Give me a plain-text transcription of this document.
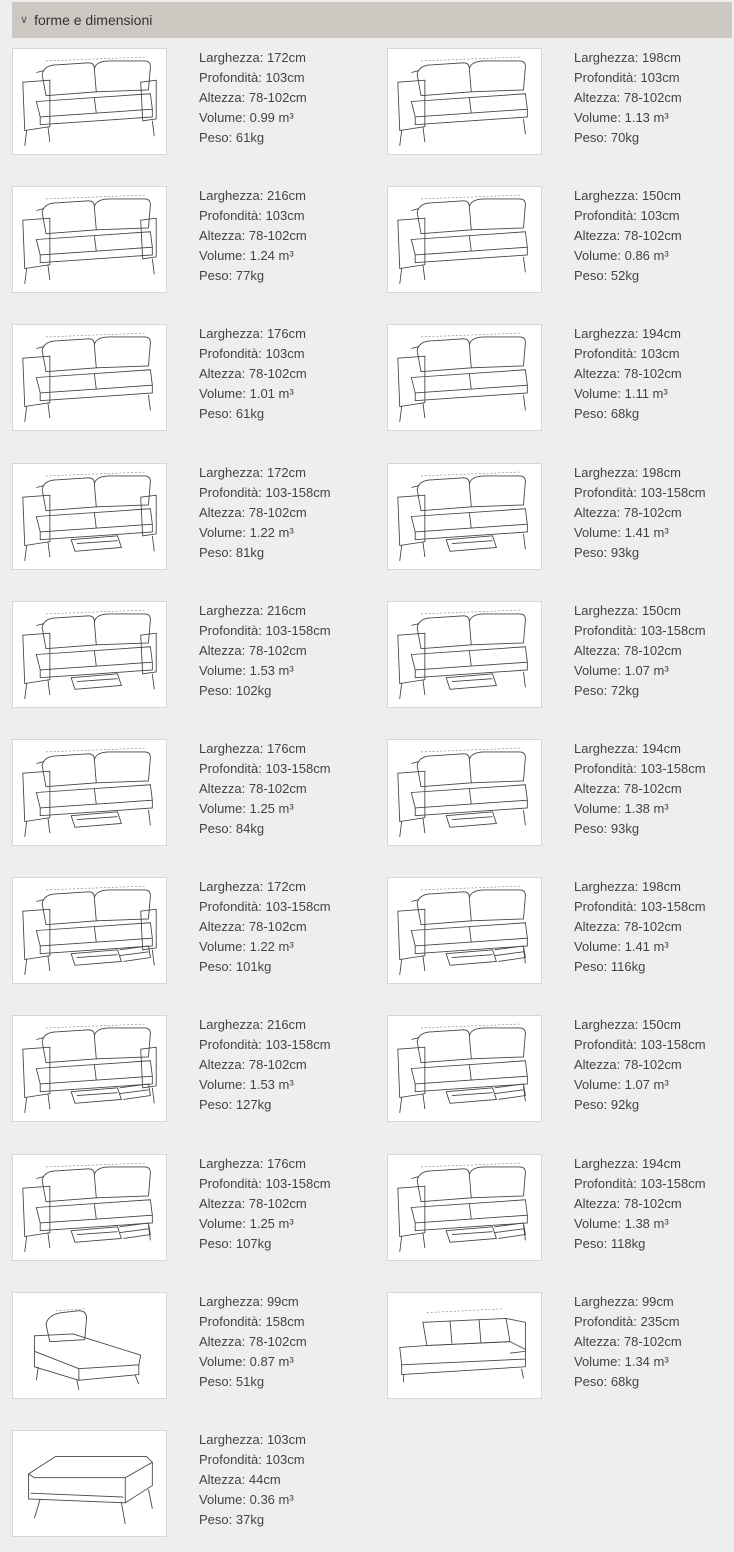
∨ forme e dimensioni
Larghezza: 172cm
Profondità: 103cm
Altezza: 78-102cm
Volume: 0.99 m³
Peso: 61kg
Larghezza: 198cm
Profondità: 103cm
Altezza: 78-102cm
Volume: 1.13 m³
Peso: 70kg
Larghezza: 216cm
Profondità: 103cm
Altezza: 78-102cm
Volume: 1.24 m³
Peso: 77kg
Larghezza: 150cm
Profondità: 103cm
Altezza: 78-102cm
Volume: 0.86 m³
Peso: 52kg
Larghezza: 176cm
Profondità: 103cm
Altezza: 78-102cm
Volume: 1.01 m³
Peso: 61kg
Larghezza: 194cm
Profondità: 103cm
Altezza: 78-102cm
Volume: 1.11 m³
Peso: 68kg
Larghezza: 172cm
Profondità: 103-158cm
Altezza: 78-102cm
Volume: 1.22 m³
Peso: 81kg
Larghezza: 198cm
Profondità: 103-158cm
Altezza: 78-102cm
Volume: 1.41 m³
Peso: 93kg
Larghezza: 216cm
Profondità: 103-158cm
Altezza: 78-102cm
Volume: 1.53 m³
Peso: 102kg
Larghezza: 150cm
Profondità: 103-158cm
Altezza: 78-102cm
Volume: 1.07 m³
Peso: 72kg
Larghezza: 176cm
Profondità: 103-158cm
Altezza: 78-102cm
Volume: 1.25 m³
Peso: 84kg
Larghezza: 194cm
Profondità: 103-158cm
Altezza: 78-102cm
Volume: 1.38 m³
Peso: 93kg
Larghezza: 172cm
Profondità: 103-158cm
Altezza: 78-102cm
Volume: 1.22 m³
Peso: 101kg
Larghezza: 198cm
Profondità: 103-158cm
Altezza: 78-102cm
Volume: 1.41 m³
Peso: 116kg
Larghezza: 216cm
Profondità: 103-158cm
Altezza: 78-102cm
Volume: 1.53 m³
Peso: 127kg
Larghezza: 150cm
Profondità: 103-158cm
Altezza: 78-102cm
Volume: 1.07 m³
Peso: 92kg
Larghezza: 176cm
Profondità: 103-158cm
Altezza: 78-102cm
Volume: 1.25 m³
Peso: 107kg
Larghezza: 194cm
Profondità: 103-158cm
Altezza: 78-102cm
Volume: 1.38 m³
Peso: 118kg
Larghezza: 99cm
Profondità: 158cm
Altezza: 78-102cm
Volume: 0.87 m³
Peso: 51kg
Larghezza: 99cm
Profondità: 235cm
Altezza: 78-102cm
Volume: 1.34 m³
Peso: 68kg
Larghezza: 103cm
Profondità: 103cm
Altezza: 44cm
Volume: 0.36 m³
Peso: 37kg
